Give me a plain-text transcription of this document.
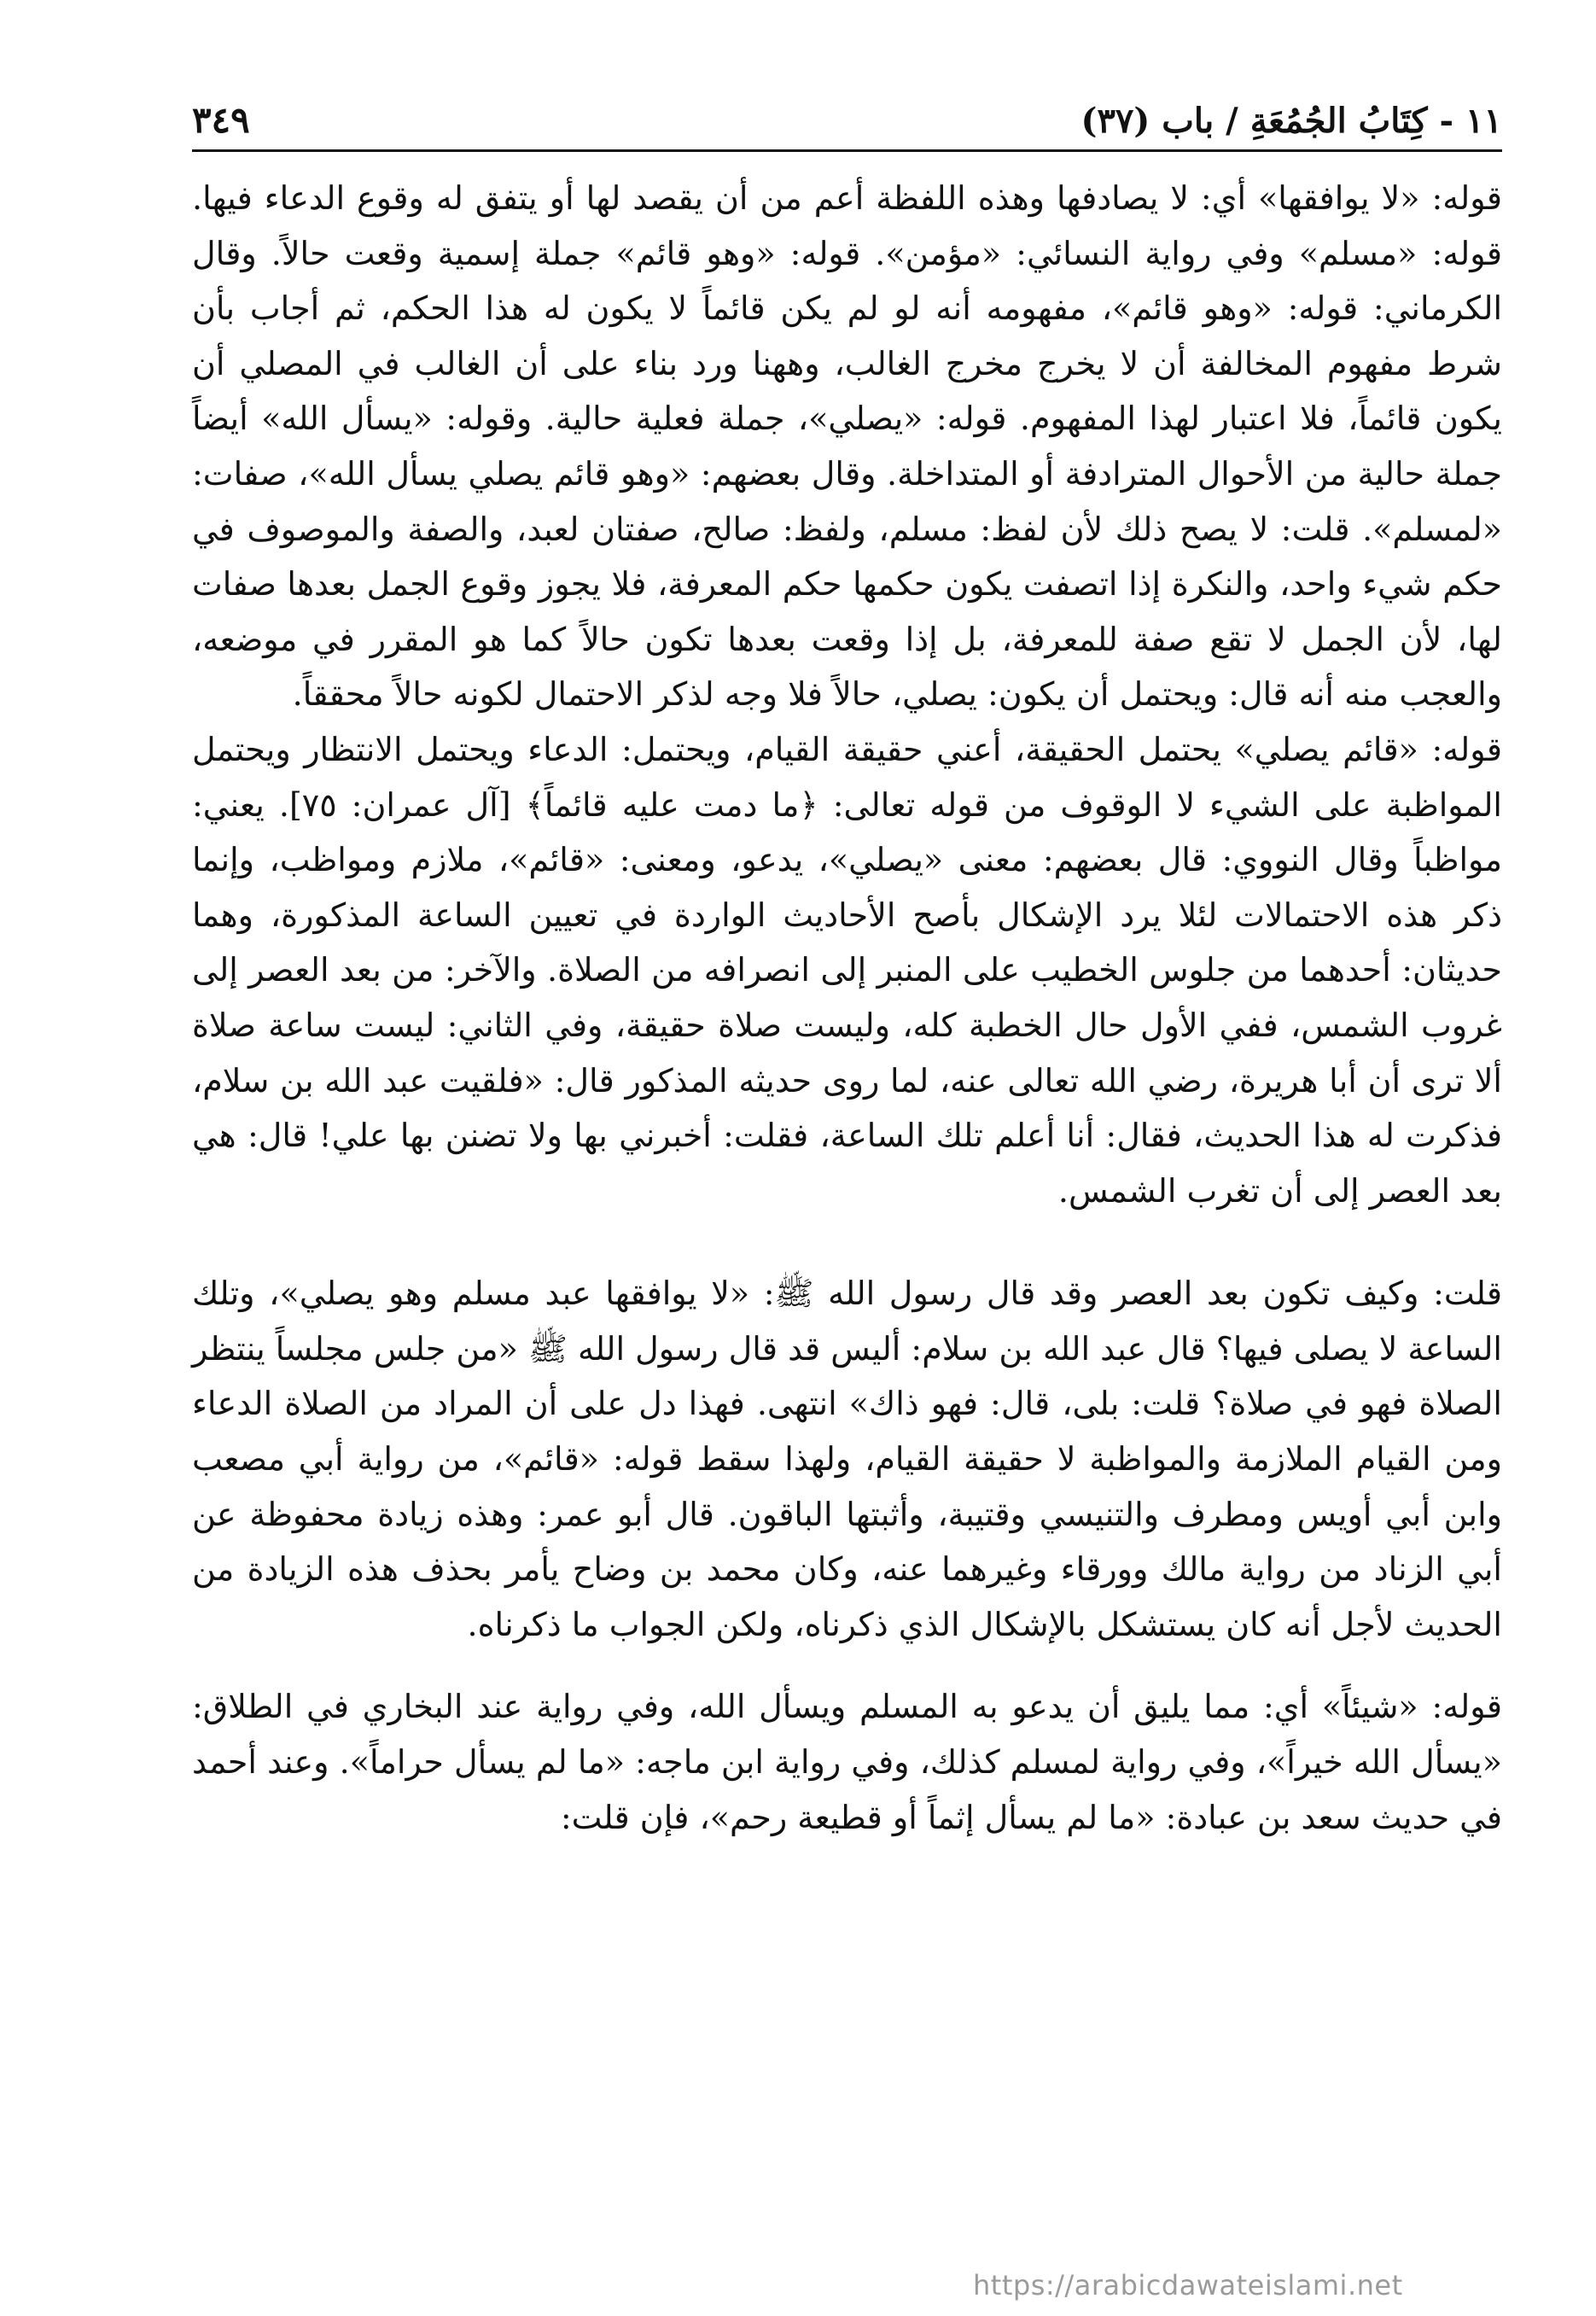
١١ - كِتَابُ الجُمُعَةِ / باب (٣٧)
٣٤٩

قوله: «لا يوافقها» أي: لا يصادفها وهذه اللفظة أعم من أن يقصد لها أو يتفق له وقوع الدعاء فيها. قوله: «مسلم» وفي رواية النسائي: «مؤمن». قوله: «وهو قائم» جملة إسمية وقعت حالاً. وقال الكرماني: قوله: «وهو قائم»، مفهومه أنه لو لم يكن قائماً لا يكون له هذا الحكم، ثم أجاب بأن شرط مفهوم المخالفة أن لا يخرج مخرج الغالب، وههنا ورد بناء على أن الغالب في المصلي أن يكون قائماً، فلا اعتبار لهذا المفهوم. قوله: «يصلي»، جملة فعلية حالية. وقوله: «يسأل الله» أيضاً جملة حالية من الأحوال المترادفة أو المتداخلة. وقال بعضهم: «وهو قائم يصلي يسأل الله»، صفات: «لمسلم». قلت: لا يصح ذلك لأن لفظ: مسلم، ولفظ: صالح، صفتان لعبد، والصفة والموصوف في حكم شيء واحد، والنكرة إذا اتصفت يكون حكمها حكم المعرفة، فلا يجوز وقوع الجمل بعدها صفات لها، لأن الجمل لا تقع صفة للمعرفة، بل إذا وقعت بعدها تكون حالاً كما هو المقرر في موضعه، والعجب منه أنه قال: ويحتمل أن يكون: يصلي، حالاً فلا وجه لذكر الاحتمال لكونه حالاً محققاً.

قوله: «قائم يصلي» يحتمل الحقيقة، أعني حقيقة القيام، ويحتمل: الدعاء ويحتمل الانتظار ويحتمل المواظبة على الشيء لا الوقوف من قوله تعالى: ﴿ما دمت عليه قائماً﴾ [آل عمران: ٧٥]. يعني: مواظباً وقال النووي: قال بعضهم: معنى «يصلي»، يدعو، ومعنى: «قائم»، ملازم ومواظب، وإنما ذكر هذه الاحتمالات لئلا يرد الإشكال بأصح الأحاديث الواردة في تعيين الساعة المذكورة، وهما حديثان: أحدهما من جلوس الخطيب على المنبر إلى انصرافه من الصلاة. والآخر: من بعد العصر إلى غروب الشمس، ففي الأول حال الخطبة كله، وليست صلاة حقيقة، وفي الثاني: ليست ساعة صلاة ألا ترى أن أبا هريرة، رضي الله تعالى عنه، لما روى حديثه المذكور قال: «فلقيت عبد الله بن سلام، فذكرت له هذا الحديث، فقال: أنا أعلم تلك الساعة، فقلت: أخبرني بها ولا تضنن بها علي! قال: هي بعد العصر إلى أن تغرب الشمس.

قلت: وكيف تكون بعد العصر وقد قال رسول الله ﷺ: «لا يوافقها عبد مسلم وهو يصلي»، وتلك الساعة لا يصلى فيها؟ قال عبد الله بن سلام: أليس قد قال رسول الله ﷺ «من جلس مجلساً ينتظر الصلاة فهو في صلاة؟ قلت: بلى، قال: فهو ذاك» انتهى. فهذا دل على أن المراد من الصلاة الدعاء ومن القيام الملازمة والمواظبة لا حقيقة القيام، ولهذا سقط قوله: «قائم»، من رواية أبي مصعب وابن أبي أويس ومطرف والتنيسي وقتيبة، وأثبتها الباقون. قال أبو عمر: وهذه زيادة محفوظة عن أبي الزناد من رواية مالك وورقاء وغيرهما عنه، وكان محمد بن وضاح يأمر بحذف هذه الزيادة من الحديث لأجل أنه كان يستشكل بالإشكال الذي ذكرناه، ولكن الجواب ما ذكرناه.

قوله: «شيئاً» أي: مما يليق أن يدعو به المسلم ويسأل الله، وفي رواية عند البخاري في الطلاق: «يسأل الله خيراً»، وفي رواية لمسلم كذلك، وفي رواية ابن ماجه: «ما لم يسأل حراماً». وعند أحمد في حديث سعد بن عبادة: «ما لم يسأل إثماً أو قطيعة رحم»، فإن قلت:

https://arabicdawateislami.net
